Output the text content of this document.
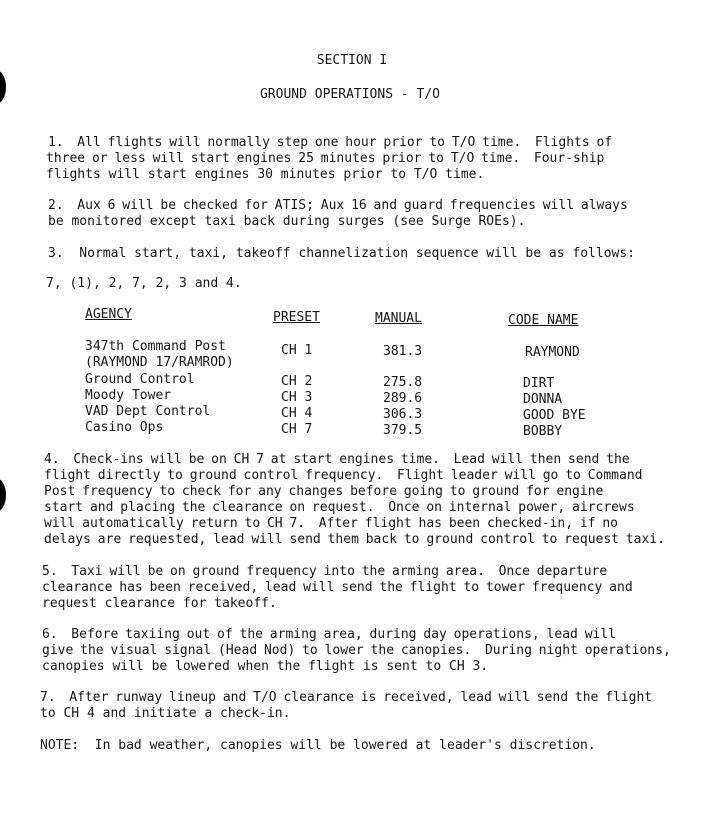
SECTION I
GROUND OPERATIONS - T/O
1.  All flights will normally step one hour prior to T/O time.  Flights of
three or less will start engines 25 minutes prior to T/O time.  Four-ship
flights will start engines 30 minutes prior to T/O time.
2.  Aux 6 will be checked for ATIS; Aux 16 and guard frequencies will always
be monitored except taxi back during surges (see Surge ROEs).
3.  Normal start, taxi, takeoff channelization sequence will be as follows:
7, (1), 2, 7, 2, 3 and 4.
AGENCY	PRESET	MANUAL	CODE NAME
347th Command Post
(RAYMOND 17/RAMROD)
CH 1	381.3	RAYMOND
Ground Control	CH 2	275.8	DIRT
Moody Tower	CH 3	289.6	DONNA
VAD Dept Control	CH 4	306.3	GOOD BYE
Casino Ops	CH 7	379.5	BOBBY
4.  Check-ins will be on CH 7 at start engines time.  Lead will then send the
flight directly to ground control frequency.  Flight leader will go to Command
Post frequency to check for any changes before going to ground for engine
start and placing the clearance on request.  Once on internal power, aircrews
will automatically return to CH 7.  After flight has been checked-in, if no
delays are requested, lead will send them back to ground control to request taxi.
5.  Taxi will be on ground frequency into the arming area.  Once departure
clearance has been received, lead will send the flight to tower frequency and
request clearance for takeoff.
6.  Before taxiing out of the arming area, during day operations, lead will
give the visual signal (Head Nod) to lower the canopies.  During night operations,
canopies will be lowered when the flight is sent to CH 3.
7.  After runway lineup and T/O clearance is received, lead will send the flight
to CH 4 and initiate a check-in.
NOTE:  In bad weather, canopies will be lowered at leader's discretion.
